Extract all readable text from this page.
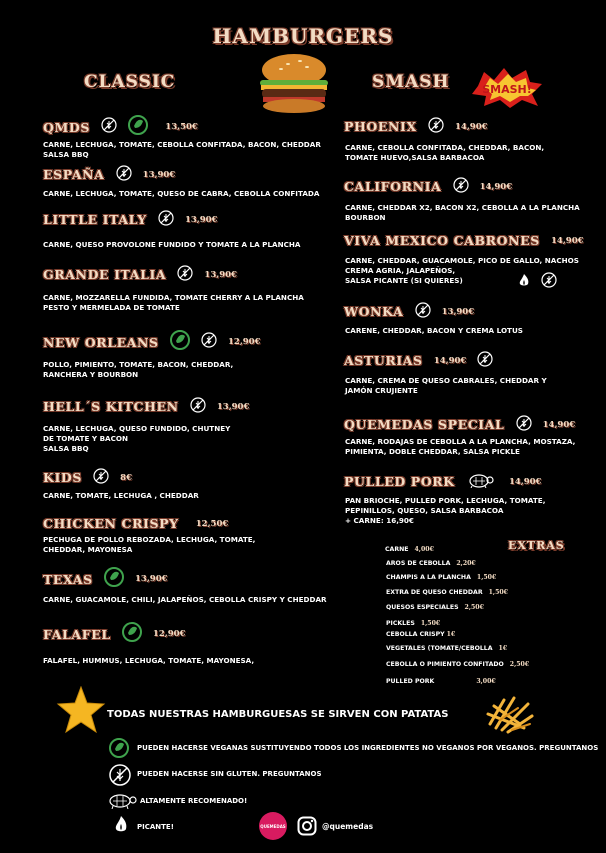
HAMBURGERS
CLASSIC	SMASH	SMASH!
QMDS	13,50€
CARNE, LECHUGA, TOMATE, CEBOLLA CONFITADA, BACON, CHEDDAR
SALSA BBQ
ESPAÑA	13,90€
CARNE, LECHUGA, TOMATE, QUESO DE CABRA, CEBOLLA CONFITADA
LITTLE ITALY	13,90€
CARNE, QUESO PROVOLONE FUNDIDO Y TOMATE A LA PLANCHA
GRANDE ITALIA	13,90€
CARNE, MOZZARELLA FUNDIDA, TOMATE CHERRY A LA PLANCHA
PESTO Y MERMELADA DE TOMATE
NEW ORLEANS	12,90€
POLLO, PIMIENTO, TOMATE, BACON, CHEDDAR,
RANCHERA Y BOURBON
HELL´S KITCHEN	13,90€
CARNE, LECHUGA, QUESO FUNDIDO, CHUTNEY
DE TOMATE Y BACON
SALSA BBQ
KIDS	8€
CARNE, TOMATE, LECHUGA , CHEDDAR
CHICKEN CRISPY 12,50€
PECHUGA DE POLLO REBOZADA, LECHUGA, TOMATE,
CHEDDAR, MAYONESA
TEXAS	13,90€
CARNE, GUACAMOLE, CHILI, JALAPEÑOS, CEBOLLA CRISPY Y CHEDDAR
FALAFEL	12,90€
FALAFEL, HUMMUS, LECHUGA, TOMATE, MAYONESA,
PHOENIX	14,90€
CARNE, CEBOLLA CONFITADA, CHEDDAR, BACON,
TOMATE HUEVO,SALSA BARBACOA
CALIFORNIA	14,90€
CARNE, CHEDDAR X2, BACON X2, CEBOLLA A LA PLANCHA
BOURBON
VIVA MEXICO CABRONES 14,90€
CARNE, CHEDDAR, GUACAMOLE, PICO DE GALLO, NACHOS
CREMA AGRIA, JALAPEÑOS,
SALSA PICANTE (SI QUIERES)
WONKA	13,90€
CARENE, CHEDDAR, BACON Y CREMA LOTUS
ASTURIAS 14,90€
CARNE, CREMA DE QUESO CABRALES, CHEDDAR Y
JAMÓN CRUJIENTE
QUEMEDAS SPECIAL	14,90€
CARNE, RODAJAS DE CEBOLLA A LA PLANCHA, MOSTAZA,
PIMIENTA, DOBLE CHEDDAR, SALSA PICKLE
PULLED PORK	14,90€
PAN BRIOCHE, PULLED PORK, LECHUGA, TOMATE,
PEPINILLOS, QUESO, SALSA BARBACOA
+ CARNE: 16,90€
EXTRAS
CARNE 4,00€
AROS DE CEBOLLA 2,20€
CHAMPIS A LA PLANCHA 1,50€
EXTRA DE QUESO CHEDDAR 1,50€
QUESOS ESPECIALES 2,50€
PICKLES 1,50€
CEBOLLA CRISPY 1€
VEGETALES (TOMATE/CEBOLLA 1€
CEBOLLA O PIMIENTO CONFITADO 2,50€
PULLED PORK	3,00€
TODAS NUESTRAS HAMBURGUESAS SE SIRVEN CON PATATAS
PUEDEN HACERSE VEGANAS SUSTITUYENDO TODOS LOS INGREDIENTES NO VEGANOS POR VEGANOS. PREGUNTANOS
PUEDEN HACERSE SIN GLUTEN. PREGUNTANOS
ALTAMENTE RECOMENADO!
PICANTE!	QUEMEDAS	@quemedas
